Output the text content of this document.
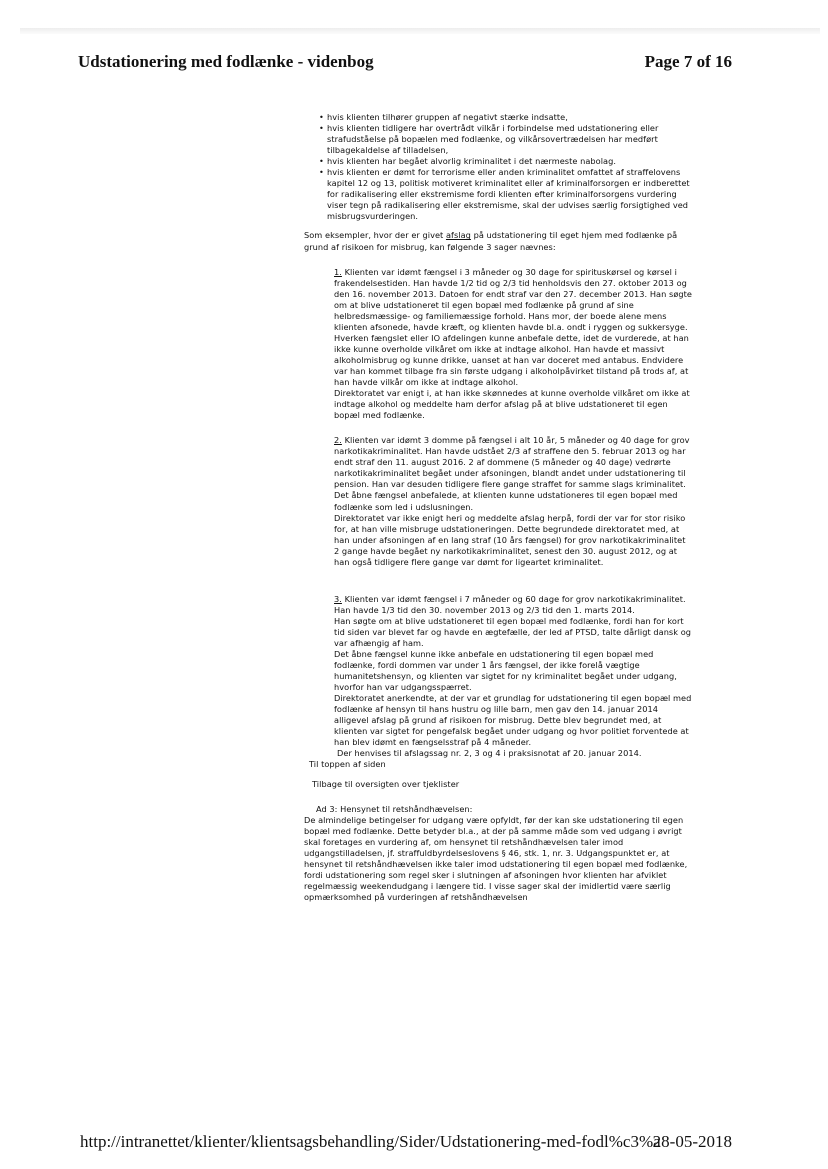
Udstationering med fodlænke - videnbog	Page 7 of 16
• hvis klienten tilhører gruppen af negativt stærke indsatte,
• hvis klienten tidligere har overtrådt vilkår i forbindelse med udstationering eller strafudståelse på bopælen med fodlænke, og vilkårsovertrædelsen har medført tilbagekaldelse af tilladelsen,
• hvis klienten har begået alvorlig kriminalitet i det nærmeste nabolag.
• hvis klienten er dømt for terrorisme eller anden kriminalitet omfattet af straffelovens kapitel 12 og 13, politisk motiveret kriminalitet eller af kriminalforsorgen er indberettet for radikalisering eller ekstremisme fordi klienten efter kriminalforsorgens vurdering viser tegn på radikalisering eller ekstremisme, skal der udvises særlig forsigtighed ved misbrugsvurderingen.

Som eksempler, hvor der er givet afslag på udstationering til eget hjem med fodlænke på grund af risikoen for misbrug, kan følgende 3 sager nævnes:

1. Klienten var idømt fængsel i 3 måneder og 30 dage for spirituskørsel og kørsel i frakendelsestiden. Han havde 1/2 tid og 2/3 tid henholdsvis den 27. oktober 2013 og den 16. november 2013. Datoen for endt straf var den 27. december 2013. Han søgte om at blive udstationeret til egen bopæl med fodlænke på grund af sine helbredsmæssige- og familiemæssige forhold. Hans mor, der boede alene mens klienten afsonede, havde kræft, og klienten havde bl.a. ondt i ryggen og sukkersyge.

Hverken fængslet eller IO afdelingen kunne anbefale dette, idet de vurderede, at han ikke kunne overholde vilkåret om ikke at indtage alkohol. Han havde et massivt alkoholmisbrug og kunne drikke, uanset at han var doceret med antabus. Endvidere var han kommet tilbage fra sin første udgang i alkoholpåvirket tilstand på trods af, at han havde vilkår om ikke at indtage alkohol.

Direktoratet var enigt i, at han ikke skønnedes at kunne overholde vilkåret om ikke at indtage alkohol og meddelte ham derfor afslag på at blive udstationeret til egen bopæl med fodlænke.

2. Klienten var idømt 3 domme på fængsel i alt 10 år, 5 måneder og 40 dage for grov narkotikakriminalitet. Han havde udstået 2/3 af straffene den 5. februar 2013 og har endt straf den 11. august 2016. 2 af dommene (5 måneder og 40 dage) vedrørte narkotikakriminalitet begået under afsoningen, blandt andet under udstationering til pension. Han var desuden tidligere flere gange straffet for samme slags kriminalitet. Det åbne fængsel anbefalede, at klienten kunne udstationeres til egen bopæl med fodlænke som led i udslusningen.

Direktoratet var ikke enigt heri og meddelte afslag herpå, fordi der var for stor risiko for, at han ville misbruge udstationeringen. Dette begrundede direktoratet med, at han under afsoningen af en lang straf (10 års fængsel) for grov narkotikakriminalitet 2 gange havde begået ny narkotikakriminalitet, senest den 30. august 2012, og at han også tidligere flere gange var dømt for ligeartet kriminalitet.

3. Klienten var idømt fængsel i 7 måneder og 60 dage for grov narkotikakriminalitet. Han havde 1/3 tid den 30. november 2013 og 2/3 tid den 1. marts 2014.

Han søgte om at blive udstationeret til egen bopæl med fodlænke, fordi han for kort tid siden var blevet far og havde en ægtefælle, der led af PTSD, talte dårligt dansk og var afhængig af ham.

Det åbne fængsel kunne ikke anbefale en udstationering til egen bopæl med fodlænke, fordi dommen var under 1 års fængsel, der ikke forelå vægtige humanitetshensyn, og klienten var sigtet for ny kriminalitet begået under udgang, hvorfor han var udgangsspærret.

Direktoratet anerkendte, at der var et grundlag for udstationering til egen bopæl med fodlænke af hensyn til hans hustru og lille barn, men gav den 14. januar 2014 alligevel afslag på grund af risikoen for misbrug. Dette blev begrundet med, at klienten var sigtet for pengefalsk begået under udgang og hvor politiet forventede at han blev idømt en fængselsstraf på 4 måneder.

Der henvises til afslagssag nr. 2, 3 og 4 i praksisnotat af 20. januar 2014.

Til toppen af siden

Tilbage til oversigten over tjeklister

Ad 3: Hensynet til retshåndhævelsen:

De almindelige betingelser for udgang være opfyldt, før der kan ske udstationering til egen bopæl med fodlænke. Dette betyder bl.a., at der på samme måde som ved udgang i øvrigt skal foretages en vurdering af, om hensynet til retshåndhævelsen taler imod udgangstilladelsen, jf. straffuldbyrdelseslovens § 46, stk. 1, nr. 3. Udgangspunktet er, at hensynet til retshåndhævelsen ikke taler imod udstationering til egen bopæl med fodlænke, fordi udstationering som regel sker i slutningen af afsoningen hvor klienten har afviklet regelmæssig weekendudgang i længere tid. I visse sager skal der imidlertid være særlig opmærksomhed på vurderingen af retshåndhævelsen

http://intranettet/klienter/klientsagsbehandling/Sider/Udstationering-med-fodl%c3%a
28-05-2018
